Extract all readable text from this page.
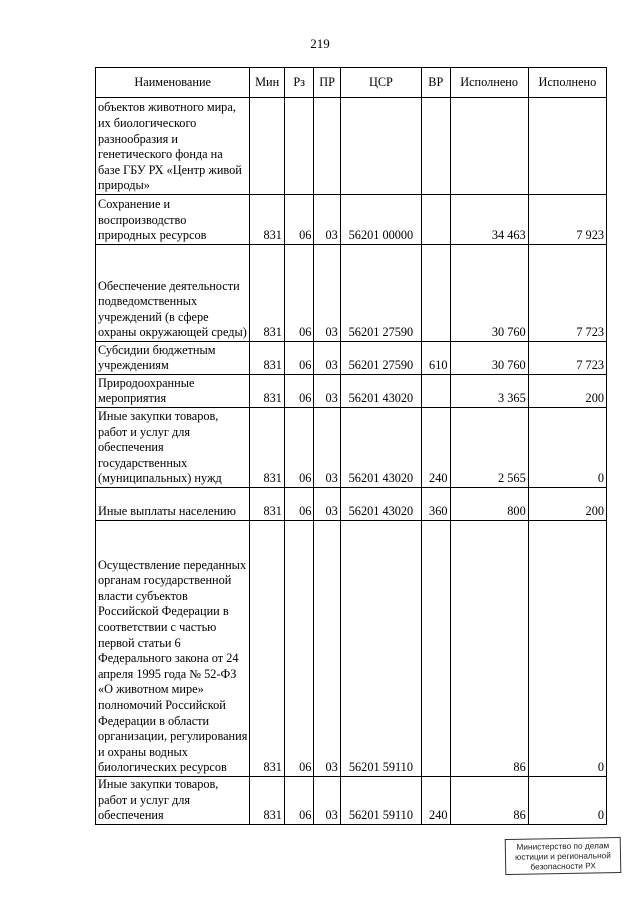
219
Наименование	Мин	Рз	ПР	ЦСР	ВР	Исполнено	Исполнено
объектов животного мира, их биологического разнообразия и генетического фонда на базе ГБУ РХ «Центр живой природы»							
Сохранение и воспроизводство природных ресурсов	831	06	03	56201 00000		34 463	7 923
Обеспечение деятельности подведомственных учреждений (в сфере охраны окружающей среды)	831	06	03	56201 27590		30 760	7 723
Субсидии бюджетным учреждениям	831	06	03	56201 27590	610	30 760	7 723
Природоохранные мероприятия	831	06	03	56201 43020		3 365	200
Иные закупки товаров, работ и услуг для обеспечения государственных (муниципальных) нужд	831	06	03	56201 43020	240	2 565	0
Иные выплаты населению	831	06	03	56201 43020	360	800	200
Осуществление переданных органам государственной власти субъектов Российской Федерации в соответствии с частью первой статьи 6 Федерального закона от 24 апреля 1995 года № 52-ФЗ «О животном мире» полномочий Российской Федерации в области организации, регулирования и охраны водных биологических ресурсов	831	06	03	56201 59110		86	0
Иные закупки товаров, работ и услуг для обеспечения	831	06	03	56201 59110	240	86	0
Министерство по делам
юстиции и региональной
безопасности РХ
